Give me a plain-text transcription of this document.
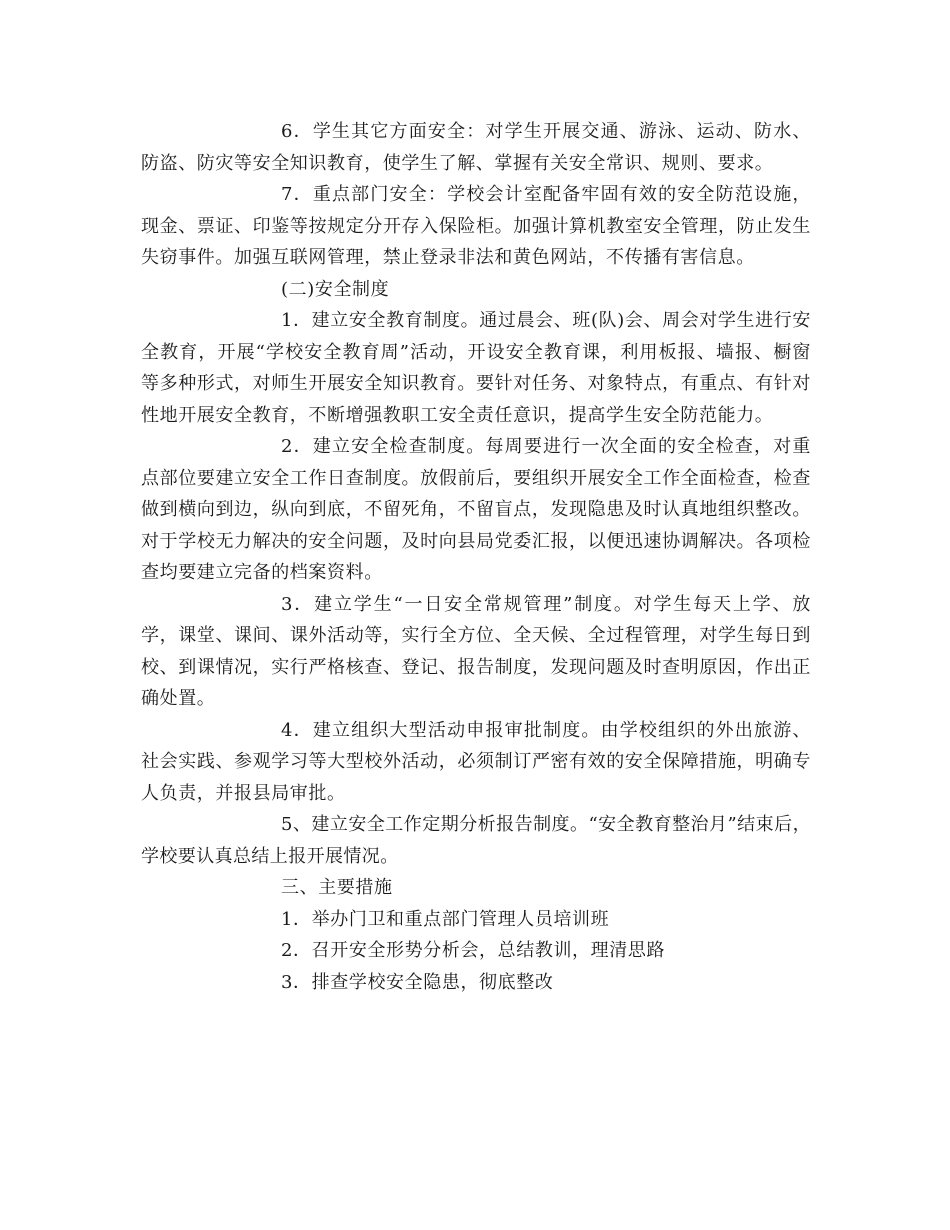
6．学生其它方面安全：对学生开展交通、游泳、运动、防水、防盗、防灾等安全知识教育，使学生了解、掌握有关安全常识、规则、要求。

7．重点部门安全：学校会计室配备牢固有效的安全防范设施，现金、票证、印鉴等按规定分开存入保险柜。加强计算机教室安全管理，防止发生失窃事件。加强互联网管理，禁止登录非法和黄色网站，不传播有害信息。

(二)安全制度

1．建立安全教育制度。通过晨会、班(队)会、周会对学生进行安全教育，开展“学校安全教育周”活动，开设安全教育课，利用板报、墙报、橱窗等多种形式，对师生开展安全知识教育。要针对任务、对象特点，有重点、有针对性地开展安全教育，不断增强教职工安全责任意识，提高学生安全防范能力。

2．建立安全检查制度。每周要进行一次全面的安全检查，对重点部位要建立安全工作日查制度。放假前后，要组织开展安全工作全面检查，检查做到横向到边，纵向到底，不留死角，不留盲点，发现隐患及时认真地组织整改。对于学校无力解决的安全问题，及时向县局党委汇报，以便迅速协调解决。各项检查均要建立完备的档案资料。

3．建立学生“一日安全常规管理”制度。对学生每天上学、放学，课堂、课间、课外活动等，实行全方位、全天候、全过程管理，对学生每日到校、到课情况，实行严格核查、登记、报告制度，发现问题及时查明原因，作出正确处置。

4．建立组织大型活动申报审批制度。由学校组织的外出旅游、社会实践、参观学习等大型校外活动，必须制订严密有效的安全保障措施，明确专人负责，并报县局审批。

5、建立安全工作定期分析报告制度。“安全教育整治月”结束后，学校要认真总结上报开展情况。

三、主要措施

1．举办门卫和重点部门管理人员培训班

2．召开安全形势分析会，总结教训，理清思路

3．排查学校安全隐患，彻底整改
